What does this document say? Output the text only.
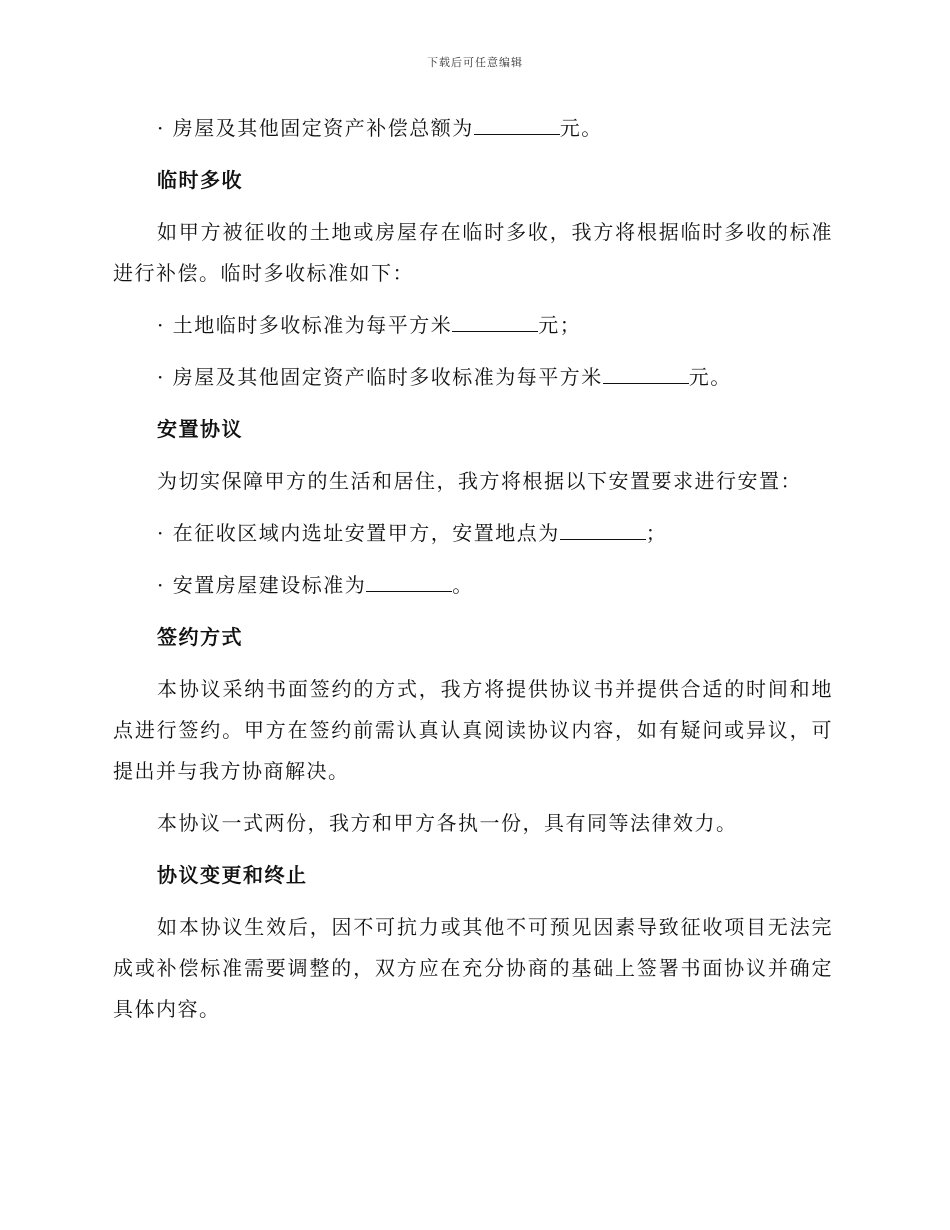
下载后可任意编辑

· 房屋及其他固定资产补偿总额为	元。

临时多收

如甲方被征收的土地或房屋存在临时多收，我方将根据临时多收的标准进行补偿。临时多收标准如下：

· 土地临时多收标准为每平方米	元；

· 房屋及其他固定资产临时多收标准为每平方米	元。

安置协议

为切实保障甲方的生活和居住，我方将根据以下安置要求进行安置：

· 在征收区域内选址安置甲方，安置地点为	；

· 安置房屋建设标准为	。

签约方式

本协议采纳书面签约的方式，我方将提供协议书并提供合适的时间和地点进行签约。甲方在签约前需认真认真阅读协议内容，如有疑问或异议，可提出并与我方协商解决。

本协议一式两份，我方和甲方各执一份，具有同等法律效力。

协议变更和终止

如本协议生效后，因不可抗力或其他不可预见因素导致征收项目无法完成或补偿标准需要调整的，双方应在充分协商的基础上签署书面协议并确定具体内容。
